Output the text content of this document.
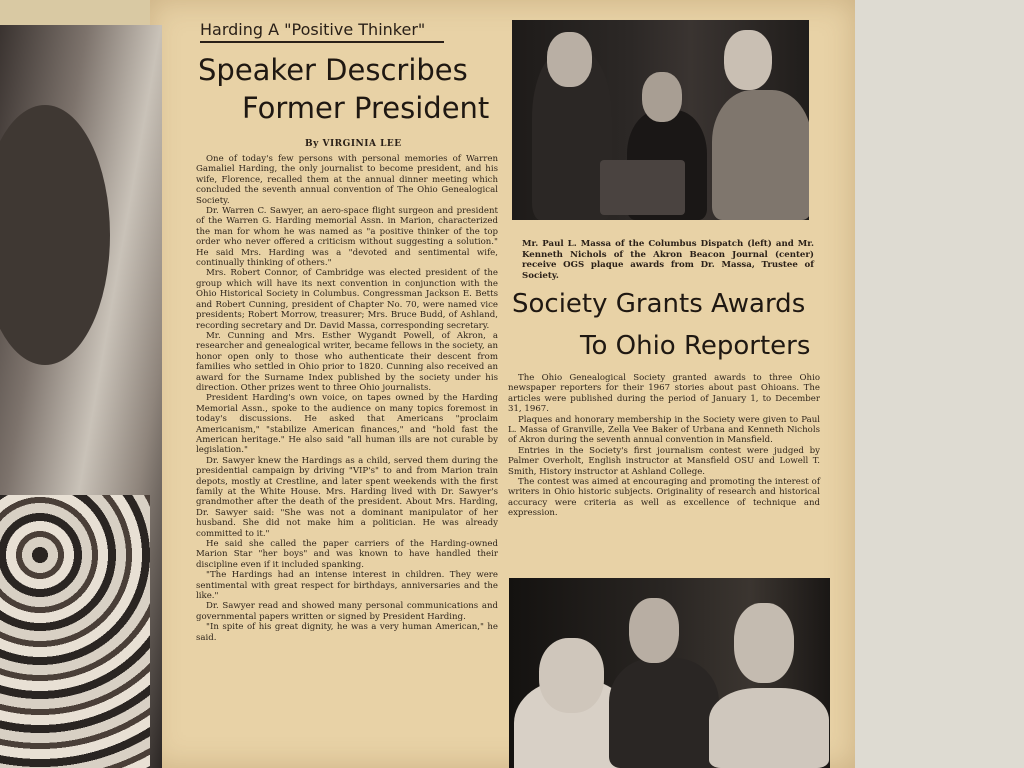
Harding A "Positive Thinker"
Speaker Describes
Former President
By VIRGINIA LEE

One of today's few persons with personal memories of Warren Gamaliel Harding, the only journalist to become president, and his wife, Florence, recalled them at the annual dinner meeting which concluded the seventh annual convention of The Ohio Genealogical Society.

Dr. Warren C. Sawyer, an aero-space flight surgeon and president of the Warren G. Harding memorial Assn. in Marion, characterized the man for whom he was named as "a positive thinker of the top order who never offered a criticism without suggesting a solution." He said Mrs. Harding was a "devoted and sentimental wife, continually thinking of others."

Mrs. Robert Connor, of Cambridge was elected president of the group which will have its next convention in conjunction with the Ohio Historical Society in Columbus. Congressman Jackson E. Betts and Robert Cunning, president of Chapter No. 70, were named vice presidents; Robert Morrow, treasurer; Mrs. Bruce Budd, of Ashland, recording secretary and Dr. David Massa, corresponding secretary.

Mr. Cunning and Mrs. Esther Wygandt Powell, of Akron, a researcher and genealogical writer, became fellows in the society, an honor open only to those who authenticate their descent from families who settled in Ohio prior to 1820. Cunning also received an award for the Surname Index published by the society under his direction. Other prizes went to three Ohio journalists.

President Harding's own voice, on tapes owned by the Harding Memorial Assn., spoke to the audience on many topics foremost in today's discussions. He asked that Americans "proclaim Americanism," "stabilize American finances," and "hold fast the American heritage." He also said "all human ills are not curable by legislation."

Dr. Sawyer knew the Hardings as a child, served them during the presidential campaign by driving "VIP's" to and from Marion train depots, mostly at Crestline, and later spent weekends with the first family at the White House. Mrs. Harding lived with Dr. Sawyer's grandmother after the death of the president. About Mrs. Harding, Dr. Sawyer said: "She was not a dominant manipulator of her husband. She did not make him a politician. He was already committed to it."

He said she called the paper carriers of the Harding-owned Marion Star "her boys" and was known to have handled their discipline even if it included spanking.

"The Hardings had an intense interest in children. They were sentimental with great respect for birthdays, anniversaries and the like."

Dr. Sawyer read and showed many personal communications and governmental papers written or signed by President Harding.

"In spite of his great dignity, he was a very human American," he said.

Mr. Paul L. Massa of the Columbus Dispatch (left) and Mr. Kenneth Nichols of the Akron Beacon Journal (center) receive OGS plaque awards from Dr. Massa, Trustee of Society.
Society Grants Awards
To Ohio Reporters

The Ohio Genealogical Society granted awards to three Ohio newspaper reporters for their 1967 stories about past Ohioans. The articles were published during the period of January 1, to December 31, 1967.

Plaques and honorary membership in the Society were given to Paul L. Massa of Granville, Zella Vee Baker of Urbana and Kenneth Nichols of Akron during the seventh annual convention in Mansfield.

Entries in the Society's first journalism contest were judged by Palmer Overholt, English instructor at Mansfield OSU and Lowell T. Smith, History instructor at Ashland College.

The contest was aimed at encouraging and promoting the interest of writers in Ohio historic subjects. Originality of research and historical accuracy were criteria as well as excellence of technique and expression.
